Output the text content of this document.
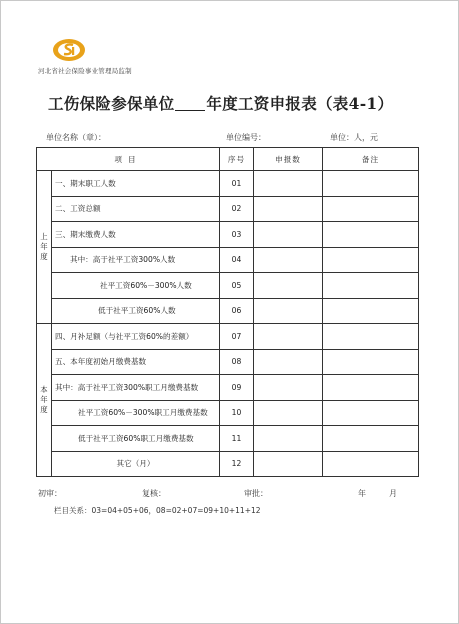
河北省社会保险事业管理局监制
工伤保险参保单位 年度工资申报表（表4-1）
单位名称（章）：	单位编号：	单位：人，元
项目		序号	申报数	备注

上
年
度	一、期末职工人数	01		
	二、工资总额	02		
	三、期末缴费人数	03		
	其中：高于社平工资300%人数	04		
	社平工资60%－300%人数	05		
	低于社平工资60%人数	06		

本
年
度	四、月补足额（与社平工资60%的差额）	07		
	五、本年度初始月缴费基数	08		
	其中：高于社平工资300%职工月缴费基数	09		
	社平工资60%－300%职工月缴费基数	10		
	低于社平工资60%职工月缴费基数	11		
	其它（月）	12		
初审：	复核：	审批：	年	月
栏目关系：03=04+05+06，08=02+07=09+10+11+12
